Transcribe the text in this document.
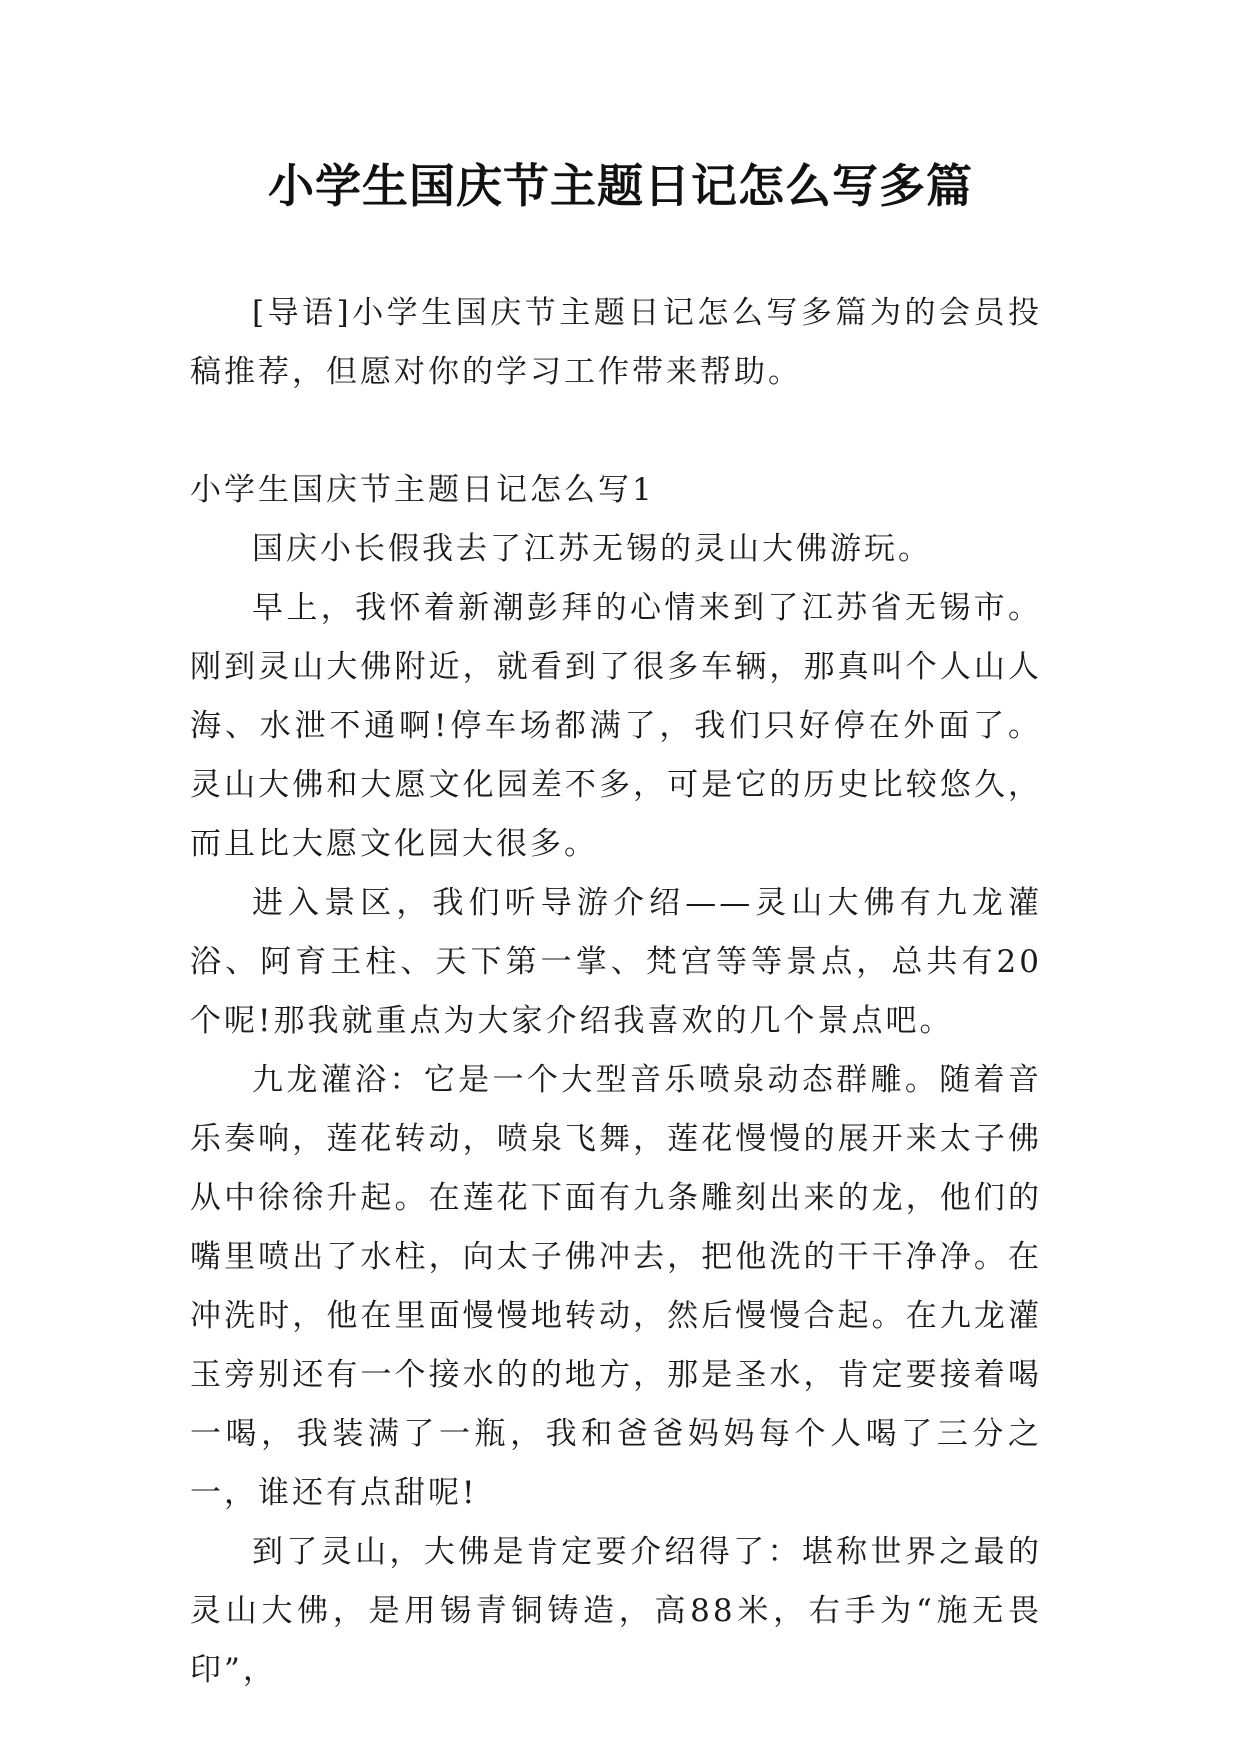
小学生国庆节主题日记怎么写多篇

[导语]小学生国庆节主题日记怎么写多篇为的会员投稿推荐，但愿对你的学习工作带来帮助。

小学生国庆节主题日记怎么写1

国庆小长假我去了江苏无锡的灵山大佛游玩。

早上，我怀着新潮彭拜的心情来到了江苏省无锡市。刚到灵山大佛附近，就看到了很多车辆，那真叫个人山人海、水泄不通啊!停车场都满了，我们只好停在外面了。灵山大佛和大愿文化园差不多，可是它的历史比较悠久，而且比大愿文化园大很多。

进入景区，我们听导游介绍——灵山大佛有九龙灌浴、阿育王柱、天下第一掌、梵宫等等景点，总共有20个呢!那我就重点为大家介绍我喜欢的几个景点吧。

九龙灌浴：它是一个大型音乐喷泉动态群雕。随着音乐奏响，莲花转动，喷泉飞舞，莲花慢慢的展开来太子佛从中徐徐升起。在莲花下面有九条雕刻出来的龙，他们的嘴里喷出了水柱，向太子佛冲去，把他洗的干干净净。在冲洗时，他在里面慢慢地转动，然后慢慢合起。在九龙灌玉旁别还有一个接水的的地方，那是圣水，肯定要接着喝一喝，我装满了一瓶，我和爸爸妈妈每个人喝了三分之一，谁还有点甜呢!

到了灵山，大佛是肯定要介绍得了：堪称世界之最的灵山大佛，是用锡青铜铸造，高88米，右手为“施无畏印”，
